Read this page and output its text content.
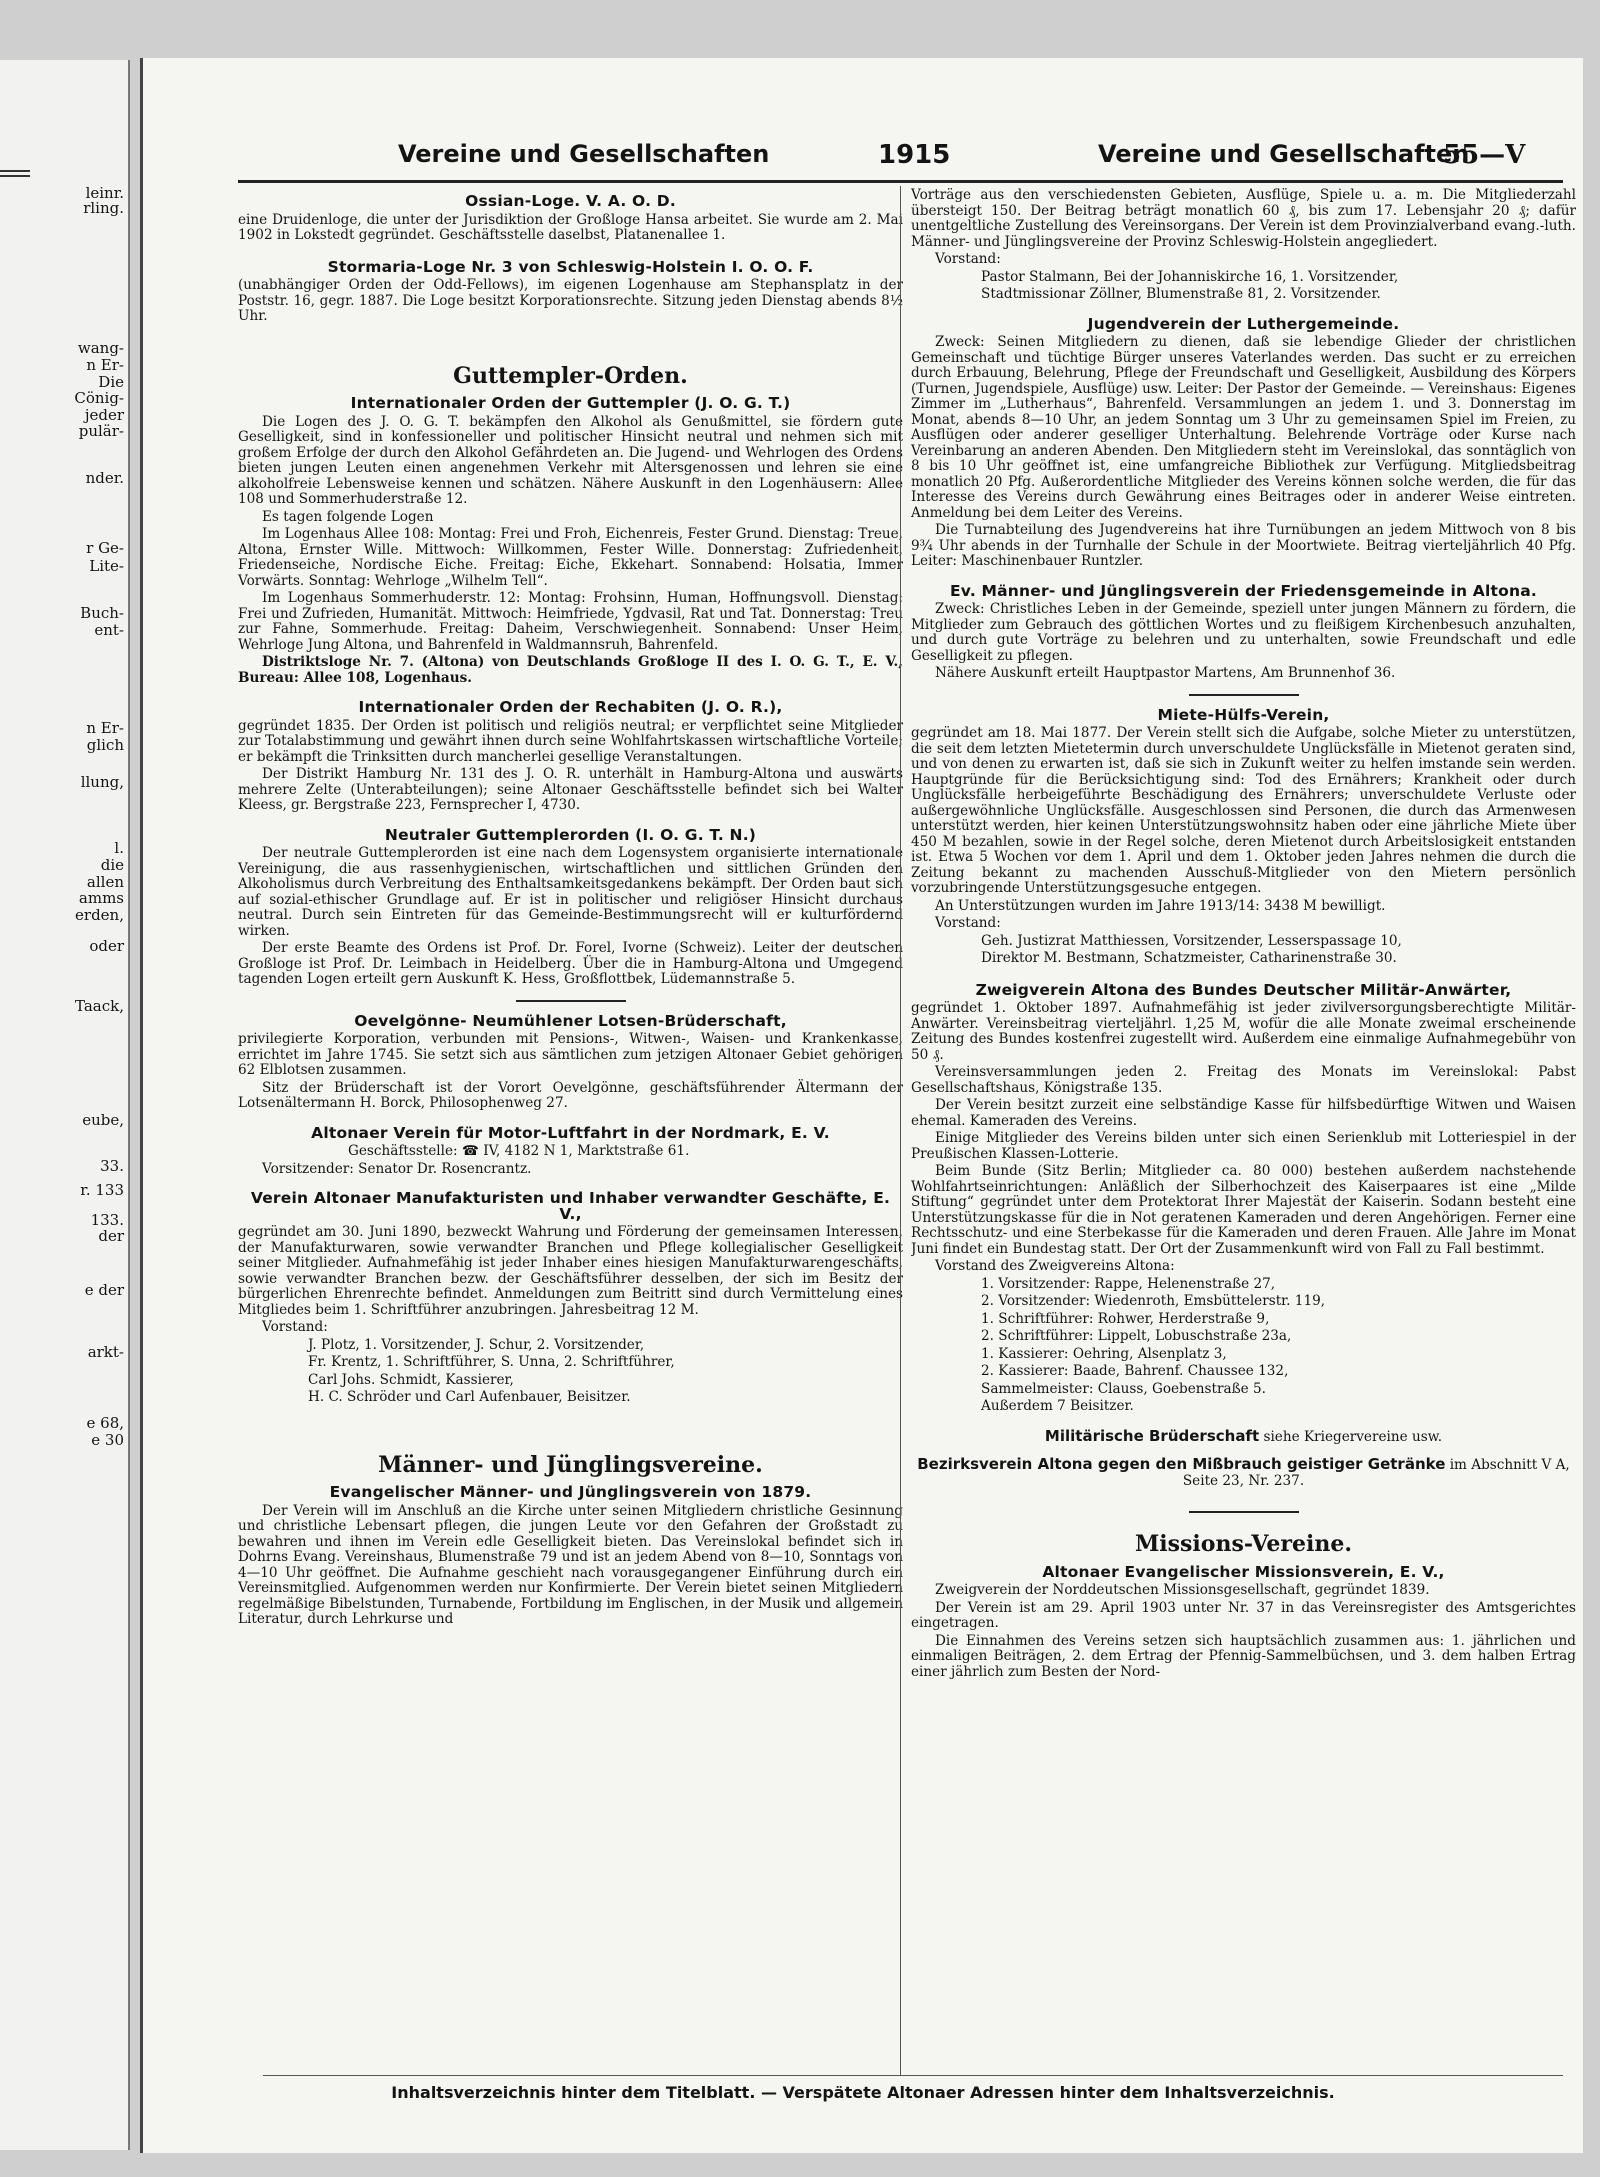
leinr.
rling.
wang-
n Er-
Die
Cönig-
jeder
pulär-
nder.
r Ge-
Lite-
Buch-
ent-
n Er-
glich
llung,
l.
die
allen
amms
erden,
oder
Taack,
eube,
33.
r. 133
133.
der
e der
arkt-
e 68,
e 30
Vereine und Gesellschaften	1915	Vereine und Gesellschaften
55—V
Ossian-Loge. V. A. O. D.

eine Druidenloge, die unter der Jurisdiktion der Großloge Hansa arbeitet. Sie wurde am 2. Mai 1902 in Lokstedt gegründet. Geschäftsstelle daselbst, Platanenallee 1.

Stormaria-Loge Nr. 3 von Schleswig-Holstein I. O. O. F.

(unabhängiger Orden der Odd-Fellows), im eigenen Logenhause am Stephansplatz in der Poststr. 16, gegr. 1887. Die Loge besitzt Korporationsrechte. Sitzung jeden Dienstag abends 8½ Uhr.

Guttempler-Orden.
Internationaler Orden der Guttempler (J. O. G. T.)

Die Logen des J. O. G. T. bekämpfen den Alkohol als Genußmittel, sie fördern gute Geselligkeit, sind in konfessioneller und politischer Hinsicht neutral und nehmen sich mit großem Erfolge der durch den Alkohol Gefährdeten an. Die Jugend- und Wehrlogen des Ordens bieten jungen Leuten einen angenehmen Verkehr mit Altersgenossen und lehren sie eine alkoholfreie Lebensweise kennen und schätzen. Nähere Auskunft in den Logenhäusern: Allee 108 und Sommerhuderstraße 12.

Es tagen folgende Logen

Im Logenhaus Allee 108: Montag: Frei und Froh, Eichenreis, Fester Grund. Dienstag: Treue, Altona, Ernster Wille. Mittwoch: Willkommen, Fester Wille. Donnerstag: Zufriedenheit, Friedenseiche, Nordische Eiche. Freitag: Eiche, Ekkehart. Sonnabend: Holsatia, Immer Vorwärts. Sonntag: Wehrloge „Wilhelm Tell“.

Im Logenhaus Sommerhuderstr. 12: Montag: Frohsinn, Human, Hoffnungsvoll. Dienstag: Frei und Zufrieden, Humanität. Mittwoch: Heimfriede, Ygdvasil, Rat und Tat. Donnerstag: Treu zur Fahne, Sommerhude. Freitag: Daheim, Verschwiegenheit. Sonnabend: Unser Heim, Wehrloge Jung Altona, und Bahrenfeld in Waldmannsruh, Bahrenfeld.

Distriktsloge Nr. 7. (Altona) von Deutschlands Großloge II des I. O. G. T., E. V., Bureau: Allee 108, Logenhaus.

Internationaler Orden der Rechabiten (J. O. R.),

gegründet 1835. Der Orden ist politisch und religiös neutral; er verpflichtet seine Mitglieder zur Totalabstimmung und gewährt ihnen durch seine Wohlfahrtskassen wirtschaftliche Vorteile; er bekämpft die Trinksitten durch mancherlei gesellige Veranstaltungen.

Der Distrikt Hamburg Nr. 131 des J. O. R. unterhält in Hamburg-Altona und auswärts mehrere Zelte (Unterabteilungen); seine Altonaer Geschäftsstelle befindet sich bei Walter Kleess, gr. Bergstraße 223, Fernsprecher I, 4730.

Neutraler Guttemplerorden (I. O. G. T. N.)

Der neutrale Guttemplerorden ist eine nach dem Logensystem organisierte internationale Vereinigung, die aus rassenhygienischen, wirtschaftlichen und sittlichen Gründen den Alkoholismus durch Verbreitung des Enthaltsamkeitsgedankens bekämpft. Der Orden baut sich auf sozial-ethischer Grundlage auf. Er ist in politischer und religiöser Hinsicht durchaus neutral. Durch sein Eintreten für das Gemeinde-Bestimmungsrecht will er kulturfördernd wirken.

Der erste Beamte des Ordens ist Prof. Dr. Forel, Ivorne (Schweiz). Leiter der deutschen Großloge ist Prof. Dr. Leimbach in Heidelberg. Über die in Hamburg-Altona und Umgegend tagenden Logen erteilt gern Auskunft K. Hess, Großflottbek, Lüdemannstraße 5.

Oevelgönne- Neumühlener Lotsen-Brüderschaft,

privilegierte Korporation, verbunden mit Pensions-, Witwen-, Waisen- und Krankenkasse, errichtet im Jahre 1745. Sie setzt sich aus sämtlichen zum jetzigen Altonaer Gebiet gehörigen 62 Elblotsen zusammen.

Sitz der Brüderschaft ist der Vorort Oevelgönne, geschäftsführender Ältermann der Lotsenältermann H. Borck, Philosophenweg 27.

Altonaer Verein für Motor-Luftfahrt in der Nordmark, E. V.

Geschäftsstelle: ☎ IV, 4182 N 1, Marktstraße 61.

Vorsitzender: Senator Dr. Rosencrantz.

Verein Altonaer Manufakturisten und Inhaber verwandter Geschäfte, E. V.,

gegründet am 30. Juni 1890, bezweckt Wahrung und Förderung der gemeinsamen Interessen, der Manufakturwaren, sowie verwandter Branchen und Pflege kollegialischer Geselligkeit seiner Mitglieder. Aufnahmefähig ist jeder Inhaber eines hiesigen Manufakturwarengeschäfts, sowie verwandter Branchen bezw. der Geschäftsführer desselben, der sich im Besitz der bürgerlichen Ehrenrechte befindet. Anmeldungen zum Beitritt sind durch Vermittelung eines Mitgliedes beim 1. Schriftführer anzubringen. Jahresbeitrag 12 M.

Vorstand:

J. Plotz, 1. Vorsitzender, J. Schur, 2. Vorsitzender,

Fr. Krentz, 1. Schriftführer, S. Unna, 2. Schriftführer,

Carl Johs. Schmidt, Kassierer,

H. C. Schröder und Carl Aufenbauer, Beisitzer.

Männer- und Jünglingsvereine.
Evangelischer Männer- und Jünglingsverein von 1879.

Der Verein will im Anschluß an die Kirche unter seinen Mitgliedern christliche Gesinnung und christliche Lebensart pflegen, die jungen Leute vor den Gefahren der Großstadt zu bewahren und ihnen im Verein edle Geselligkeit bieten. Das Vereinslokal befindet sich in Dohrns Evang. Vereinshaus, Blumenstraße 79 und ist an jedem Abend von 8—10, Sonntags von 4—10 Uhr geöffnet. Die Aufnahme geschieht nach vorausgegangener Einführung durch ein Vereinsmitglied. Aufgenommen werden nur Konfirmierte. Der Verein bietet seinen Mitgliedern regelmäßige Bibelstunden, Turnabende, Fortbildung im Englischen, in der Musik und allgemein Literatur, durch Lehrkurse und

Vorträge aus den verschiedensten Gebieten, Ausflüge, Spiele u. a. m. Die Mitgliederzahl übersteigt 150. Der Beitrag beträgt monatlich 60 ₰, bis zum 17. Lebensjahr 20 ₰; dafür unentgeltliche Zustellung des Vereinsorgans. Der Verein ist dem Provinzialverband evang.-luth. Männer- und Jünglingsvereine der Provinz Schleswig-Holstein angegliedert.

Vorstand:

Pastor Stalmann, Bei der Johanniskirche 16, 1. Vorsitzender,

Stadtmissionar Zöllner, Blumenstraße 81, 2. Vorsitzender.

Jugendverein der Luthergemeinde.

Zweck: Seinen Mitgliedern zu dienen, daß sie lebendige Glieder der christlichen Gemeinschaft und tüchtige Bürger unseres Vaterlandes werden. Das sucht er zu erreichen durch Erbauung, Belehrung, Pflege der Freundschaft und Geselligkeit, Ausbildung des Körpers (Turnen, Jugendspiele, Ausflüge) usw. Leiter: Der Pastor der Gemeinde. — Vereinshaus: Eigenes Zimmer im „Lutherhaus“, Bahrenfeld. Versammlungen an jedem 1. und 3. Donnerstag im Monat, abends 8—10 Uhr, an jedem Sonntag um 3 Uhr zu gemeinsamen Spiel im Freien, zu Ausflügen oder anderer geselliger Unterhaltung. Belehrende Vorträge oder Kurse nach Vereinbarung an anderen Abenden. Den Mitgliedern steht im Vereinslokal, das sonntäglich von 8 bis 10 Uhr geöffnet ist, eine umfangreiche Bibliothek zur Verfügung. Mitgliedsbeitrag monatlich 20 Pfg. Außerordentliche Mitglieder des Vereins können solche werden, die für das Interesse des Vereins durch Gewährung eines Beitrages oder in anderer Weise eintreten. Anmeldung bei dem Leiter des Vereins.

Die Turnabteilung des Jugendvereins hat ihre Turnübungen an jedem Mittwoch von 8 bis 9¾ Uhr abends in der Turnhalle der Schule in der Moortwiete. Beitrag vierteljährlich 40 Pfg. Leiter: Maschinenbauer Runtzler.

Ev. Männer- und Jünglingsverein der Friedensgemeinde in Altona.

Zweck: Christliches Leben in der Gemeinde, speziell unter jungen Männern zu fördern, die Mitglieder zum Gebrauch des göttlichen Wortes und zu fleißigem Kirchenbesuch anzuhalten, und durch gute Vorträge zu belehren und zu unterhalten, sowie Freundschaft und edle Geselligkeit zu pflegen.

Nähere Auskunft erteilt Hauptpastor Martens, Am Brunnenhof 36.

Miete-Hülfs-Verein,

gegründet am 18. Mai 1877. Der Verein stellt sich die Aufgabe, solche Mieter zu unterstützen, die seit dem letzten Mietetermin durch unverschuldete Unglücksfälle in Mietenot geraten sind, und von denen zu erwarten ist, daß sie sich in Zukunft weiter zu helfen imstande sein werden. Hauptgründe für die Berücksichtigung sind: Tod des Ernährers; Krankheit oder durch Unglücksfälle herbeigeführte Beschädigung des Ernährers; unverschuldete Verluste oder außergewöhnliche Unglücksfälle. Ausgeschlossen sind Personen, die durch das Armenwesen unterstützt werden, hier keinen Unterstützungswohnsitz haben oder eine jährliche Miete über 450 M bezahlen, sowie in der Regel solche, deren Mietenot durch Arbeitslosigkeit entstanden ist. Etwa 5 Wochen vor dem 1. April und dem 1. Oktober jeden Jahres nehmen die durch die Zeitung bekannt zu machenden Ausschuß-Mitglieder von den Mietern persönlich vorzubringende Unterstützungsgesuche entgegen.

An Unterstützungen wurden im Jahre 1913/14: 3438 M bewilligt.

Vorstand:

Geh. Justizrat Matthiessen, Vorsitzender, Lesserspassage 10,

Direktor M. Bestmann, Schatzmeister, Catharinenstraße 30.

Zweigverein Altona des Bundes Deutscher Militär-Anwärter,

gegründet 1. Oktober 1897. Aufnahmefähig ist jeder zivilversorgungsberechtigte Militär-Anwärter. Vereinsbeitrag vierteljährl. 1,25 M, wofür die alle Monate zweimal erscheinende Zeitung des Bundes kostenfrei zugestellt wird. Außerdem eine einmalige Aufnahmegebühr von 50 ₰.

Vereinsversammlungen jeden 2. Freitag des Monats im Vereinslokal: Pabst Gesellschaftshaus, Königstraße 135.

Der Verein besitzt zurzeit eine selbständige Kasse für hilfsbedürftige Witwen und Waisen ehemal. Kameraden des Vereins.

Einige Mitglieder des Vereins bilden unter sich einen Serienklub mit Lotteriespiel in der Preußischen Klassen-Lotterie.

Beim Bunde (Sitz Berlin; Mitglieder ca. 80 000) bestehen außerdem nachstehende Wohlfahrtseinrichtungen: Anläßlich der Silberhochzeit des Kaiserpaares ist eine „Milde Stiftung“ gegründet unter dem Protektorat Ihrer Majestät der Kaiserin. Sodann besteht eine Unterstützungskasse für die in Not geratenen Kameraden und deren Angehörigen. Ferner eine Rechtsschutz- und eine Sterbekasse für die Kameraden und deren Frauen. Alle Jahre im Monat Juni findet ein Bundestag statt. Der Ort der Zusammenkunft wird von Fall zu Fall bestimmt.

Vorstand des Zweigvereins Altona:

1. Vorsitzender: Rappe, Helenenstraße 27,

2. Vorsitzender: Wiedenroth, Emsbüttelerstr. 119,

1. Schriftführer: Rohwer, Herderstraße 9,

2. Schriftführer: Lippelt, Lobuschstraße 23a,

1. Kassierer: Oehring, Alsenplatz 3,

2. Kassierer: Baade, Bahrenf. Chaussee 132,

Sammelmeister: Clauss, Goebenstraße 5.

Außerdem 7 Beisitzer.

Militärische Brüderschaft siehe Kriegervereine usw.

Bezirksverein Altona gegen den Mißbrauch geistiger Getränke im Abschnitt V A, Seite 23, Nr. 237.

Missions-Vereine.
Altonaer Evangelischer Missionsverein, E. V.,

Zweigverein der Norddeutschen Missionsgesellschaft, gegründet 1839.

Der Verein ist am 29. April 1903 unter Nr. 37 in das Vereinsregister des Amtsgerichtes eingetragen.

Die Einnahmen des Vereins setzen sich hauptsächlich zusammen aus: 1. jährlichen und einmaligen Beiträgen, 2. dem Ertrag der Pfennig-Sammelbüchsen, und 3. dem halben Ertrag einer jährlich zum Besten der Nord-

Inhaltsverzeichnis hinter dem Titelblatt. — Verspätete Altonaer Adressen hinter dem Inhaltsverzeichnis.
